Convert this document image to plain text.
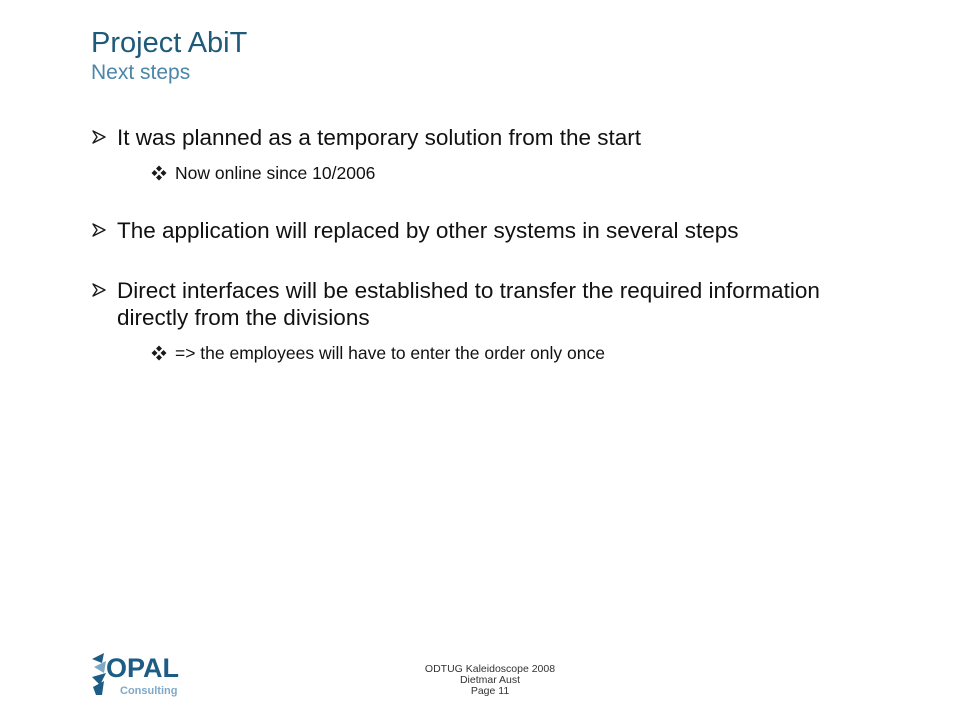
Project AbiT
Next steps
It was planned as a temporary solution from the start
Now online since 10/2006
The application will replaced by other systems in several steps
Direct interfaces will be established to transfer the required information directly from the divisions
=> the employees will have to enter the order only once
OPAL
Consulting
ODTUG Kaleidoscope 2008
Dietmar Aust
Page 11
